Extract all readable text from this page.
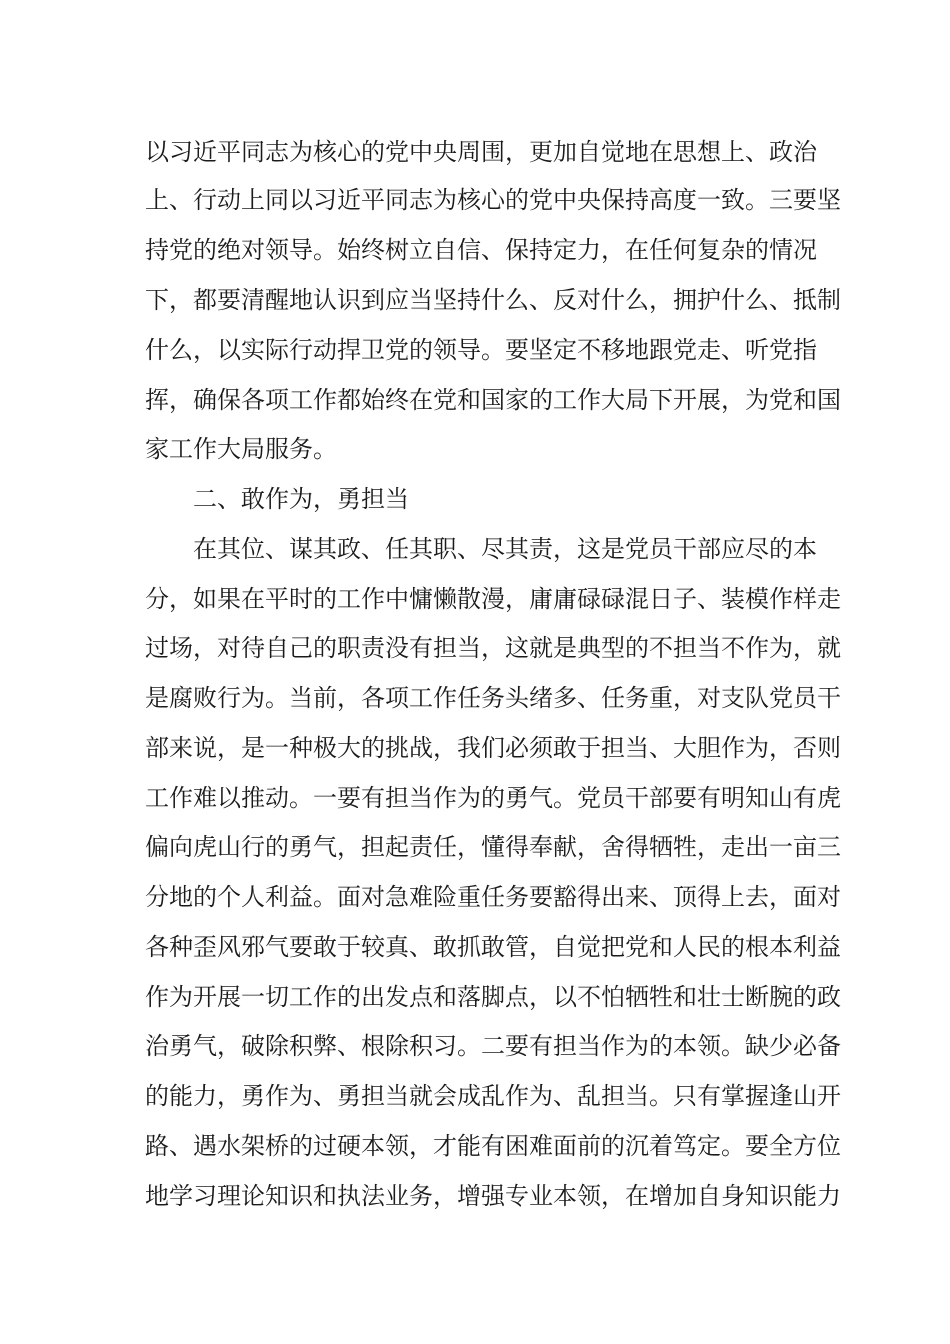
以习近平同志为核心的党中央周围，更加自觉地在思想上、政治
上、行动上同以习近平同志为核心的党中央保持高度一致。三要坚
持党的绝对领导。始终树立自信、保持定力，在任何复杂的情况
下，都要清醒地认识到应当坚持什么、反对什么，拥护什么、抵制
什么，以实际行动捍卫党的领导。要坚定不移地跟党走、听党指
挥，确保各项工作都始终在党和国家的工作大局下开展，为党和国
家工作大局服务。
二、敢作为，勇担当
在其位、谋其政、任其职、尽其责，这是党员干部应尽的本
分，如果在平时的工作中慵懒散漫，庸庸碌碌混日子、装模作样走
过场，对待自己的职责没有担当，这就是典型的不担当不作为，就
是腐败行为。当前，各项工作任务头绪多、任务重，对支队党员干
部来说，是一种极大的挑战，我们必须敢于担当、大胆作为，否则
工作难以推动。一要有担当作为的勇气。党员干部要有明知山有虎
偏向虎山行的勇气，担起责任，懂得奉献，舍得牺牲，走出一亩三
分地的个人利益。面对急难险重任务要豁得出来、顶得上去，面对
各种歪风邪气要敢于较真、敢抓敢管，自觉把党和人民的根本利益
作为开展一切工作的出发点和落脚点，以不怕牺牲和壮士断腕的政
治勇气，破除积弊、根除积习。二要有担当作为的本领。缺少必备
的能力，勇作为、勇担当就会成乱作为、乱担当。只有掌握逢山开
路、遇水架桥的过硬本领，才能有困难面前的沉着笃定。要全方位
地学习理论知识和执法业务，增强专业本领，在增加自身知识能力
